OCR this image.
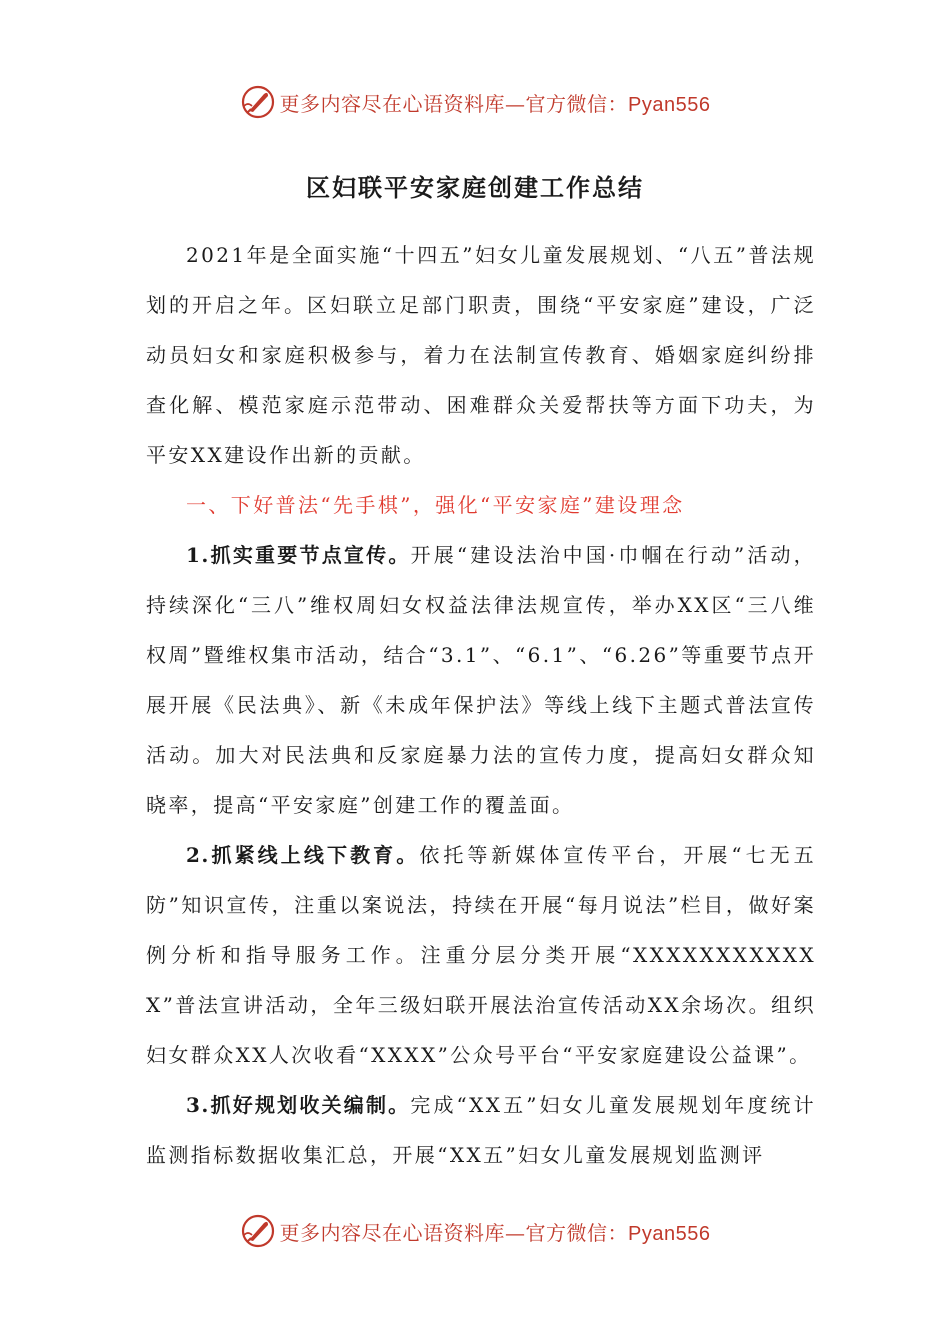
更多内容尽在心语资料库—官方微信：Pyan556
区妇联平安家庭创建工作总结

2021年是全面实施“十四五”妇女儿童发展规划、“八五”普法规划的开启之年。区妇联立足部门职责，围绕“平安家庭”建设，广泛动员妇女和家庭积极参与，着力在法制宣传教育、婚姻家庭纠纷排查化解、模范家庭示范带动、困难群众关爱帮扶等方面下功夫，为平安XX建设作出新的贡献。

一、下好普法“先手棋”，强化“平安家庭”建设理念

1.抓实重要节点宣传。开展“建设法治中国·巾帼在行动”活动，持续深化“三八”维权周妇女权益法律法规宣传，举办XX区“三八维权周”暨维权集市活动，结合“3.1”、“6.1”、“6.26”等重要节点开展开展《民法典》、新《未成年保护法》等线上线下主题式普法宣传活动。加大对民法典和反家庭暴力法的宣传力度，提高妇女群众知晓率，提高“平安家庭”创建工作的覆盖面。

2.抓紧线上线下教育。依托等新媒体宣传平台，开展“七无五防”知识宣传，注重以案说法，持续在开展“每月说法”栏目，做好案例分析和指导服务工作。注重分层分类开展“XXXXXXXXXXXX”普法宣讲活动，全年三级妇联开展法治宣传活动XX余场次。组织妇女群众XX人次收看“XXXX”公众号平台“平安家庭建设公益课”。

3.抓好规划收关编制。完成“XX五”妇女儿童发展规划年度统计监测指标数据收集汇总，开展“XX五”妇女儿童发展规划监测评

更多内容尽在心语资料库—官方微信：Pyan556
